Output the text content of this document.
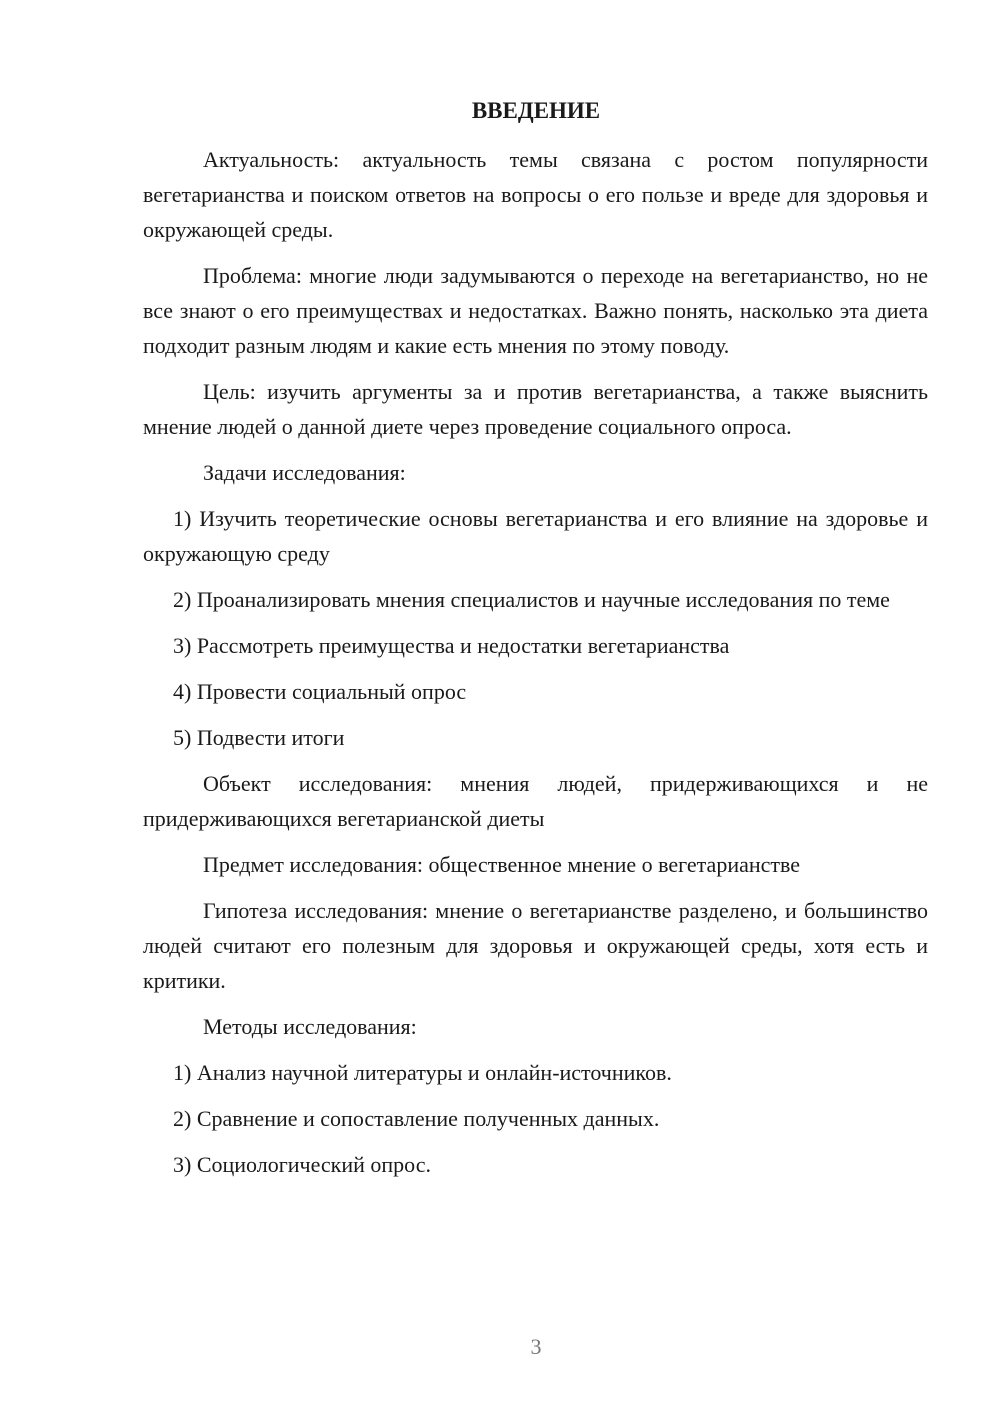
ВВЕДЕНИЕ

Актуальность: актуальность темы связана с ростом популярности вегетарианства и поиском ответов на вопросы о его пользе и вреде для здоровья и окружающей среды.

Проблема: многие люди задумываются о переходе на вегетарианство, но не все знают о его преимуществах и недостатках. Важно понять, насколько эта диета подходит разным людям и какие есть мнения по этому поводу.

Цель: изучить аргументы за и против вегетарианства, а также выяснить мнение людей о данной диете через проведение социального опроса.

Задачи исследования:

1) Изучить теоретические основы вегетарианства и его влияние на здоровье и окружающую среду

2) Проанализировать мнения специалистов и научные исследования по теме

3) Рассмотреть преимущества и недостатки вегетарианства

4) Провести социальный опрос

5) Подвести итоги

Объект исследования: мнения людей, придерживающихся и не придерживающихся вегетарианской диеты

Предмет исследования: общественное мнение о вегетарианстве

Гипотеза исследования: мнение о вегетарианстве разделено, и большинство людей считают его полезным для здоровья и окружающей среды, хотя есть и критики.

Методы исследования:

1) Анализ научной литературы и онлайн-источников.

2) Сравнение и сопоставление полученных данных.

3) Социологический опрос.

3
